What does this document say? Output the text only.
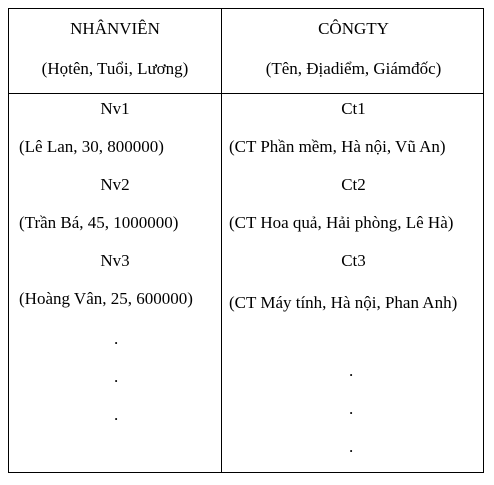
NHÂNVIÊN
(Họtên, Tuổi, Lương)
CÔNGTY
(Tên, Địadiểm, Giámđốc)
Nv1
(Lê Lan, 30, 800000)
Nv2
(Trần Bá, 45, 1000000)
Nv3
(Hoàng Vân, 25, 600000)
.
.
.
Ct1
(CT Phần mềm, Hà nội, Vũ An)
Ct2
(CT Hoa quả, Hải phòng, Lê Hà)
Ct3
(CT Máy tính, Hà nội, Phan Anh)
.
.
.
